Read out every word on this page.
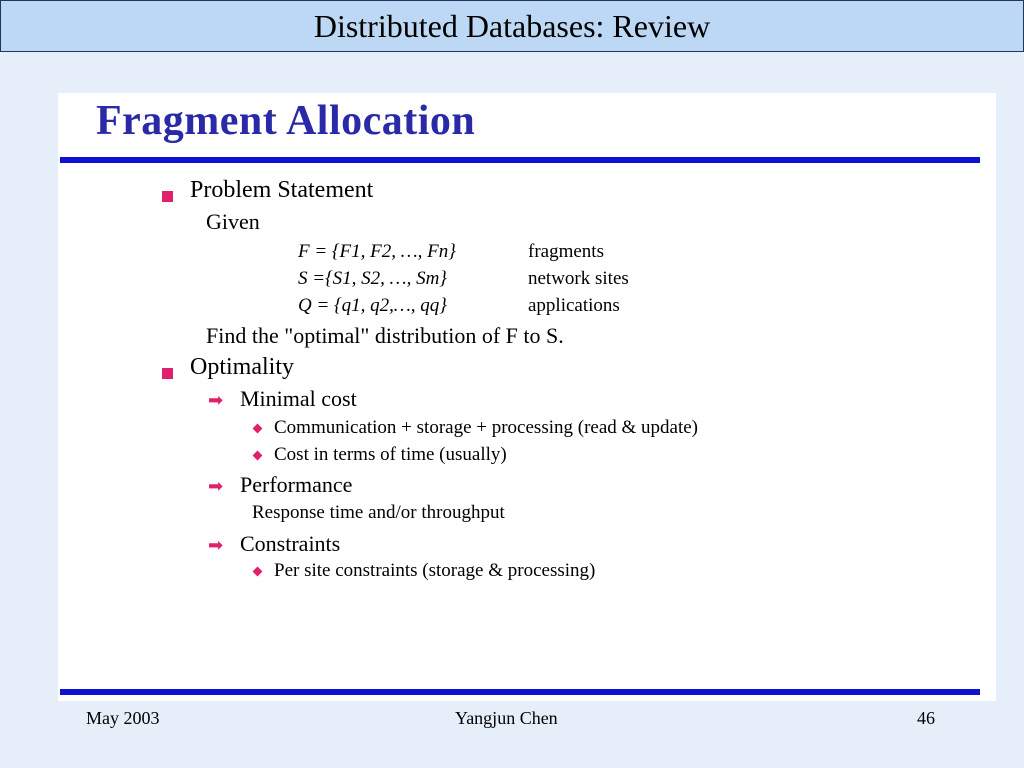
Distributed Databases: Review
Fragment Allocation
Problem Statement
Given
F = {F1, F2, …, Fn}	fragments
S ={S1, S2, …, Sm}	network sites
Q = {q1, q2,…, qq}	applications
Find the "optimal" distribution of F to S.
Optimality
➡ Minimal cost
Communication + storage + processing (read & update)
Cost in terms of time (usually)
➡ Performance
Response time and/or throughput
➡ Constraints
Per site constraints (storage & processing)
May 2003	Yangjun Chen	46
